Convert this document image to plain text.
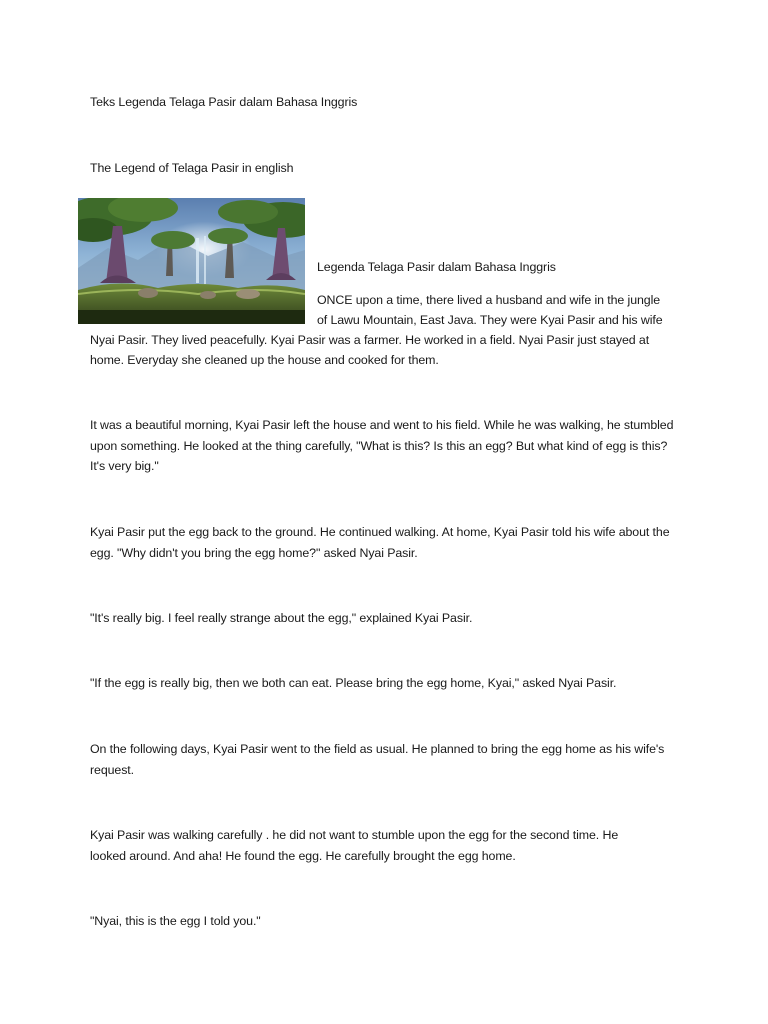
Teks Legenda Telaga Pasir dalam Bahasa Inggris

The Legend of Telaga Pasir in english

Legenda Telaga Pasir dalam Bahasa Inggris

ONCE upon a time, there lived a husband and wife in the jungle

of Lawu Mountain, East Java. They were Kyai Pasir and his wife

Nyai Pasir. They lived peacefully. Kyai Pasir was a farmer. He worked in a field. Nyai Pasir just stayed at

home. Everyday she cleaned up the house and cooked for them.

It was a beautiful morning, Kyai Pasir left the house and went to his field. While he was walking, he stumbled upon something. He looked at the thing carefully, "What is this? Is this an egg? But what kind of egg is this? It's very big."

Kyai Pasir put the egg back to the ground. He continued walking. At home, Kyai Pasir told his wife about the egg. "Why didn't you bring the egg home?" asked Nyai Pasir.

"It's really big. I feel really strange about the egg," explained Kyai Pasir.

"If the egg is really big, then we both can eat. Please bring the egg home, Kyai," asked Nyai Pasir.

On the following days, Kyai Pasir went to the field as usual. He planned to bring the egg home as his wife's request.

Kyai Pasir was walking carefully . he did not want to stumble upon the egg for the second time. He looked around. And aha! He found the egg. He carefully brought the egg home.

"Nyai, this is the egg I told you."
